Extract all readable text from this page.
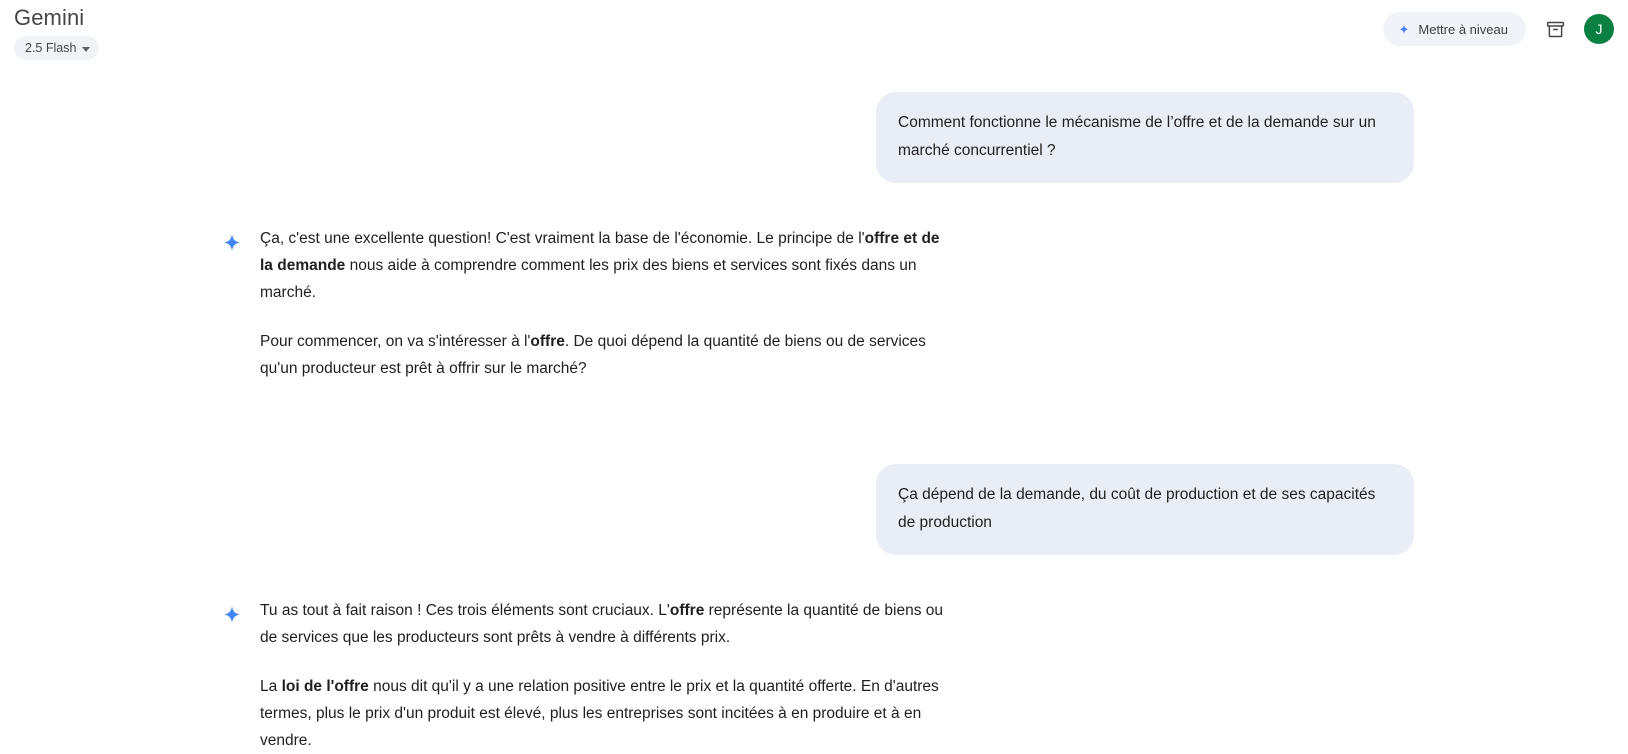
Gemini
2.5 Flash
✦ Mettre à niveau	J
Comment fonctionne le mécanisme de l’offre et de la demande sur un marché concurrentiel ?

Ça, c'est une excellente question! C'est vraiment la base de l'économie. Le principe de l'offre et de la demande nous aide à comprendre comment les prix des biens et services sont fixés dans un marché.

Pour commencer, on va s'intéresser à l'offre. De quoi dépend la quantité de biens ou de services qu'un producteur est prêt à offrir sur le marché?

Ça dépend de la demande, du coût de production et de ses capacités de production

Tu as tout à fait raison ! Ces trois éléments sont cruciaux. L'offre représente la quantité de biens ou de services que les producteurs sont prêts à vendre à différents prix.

La loi de l'offre nous dit qu'il y a une relation positive entre le prix et la quantité offerte. En d'autres termes, plus le prix d'un produit est élevé, plus les entreprises sont incitées à en produire et à en vendre.
